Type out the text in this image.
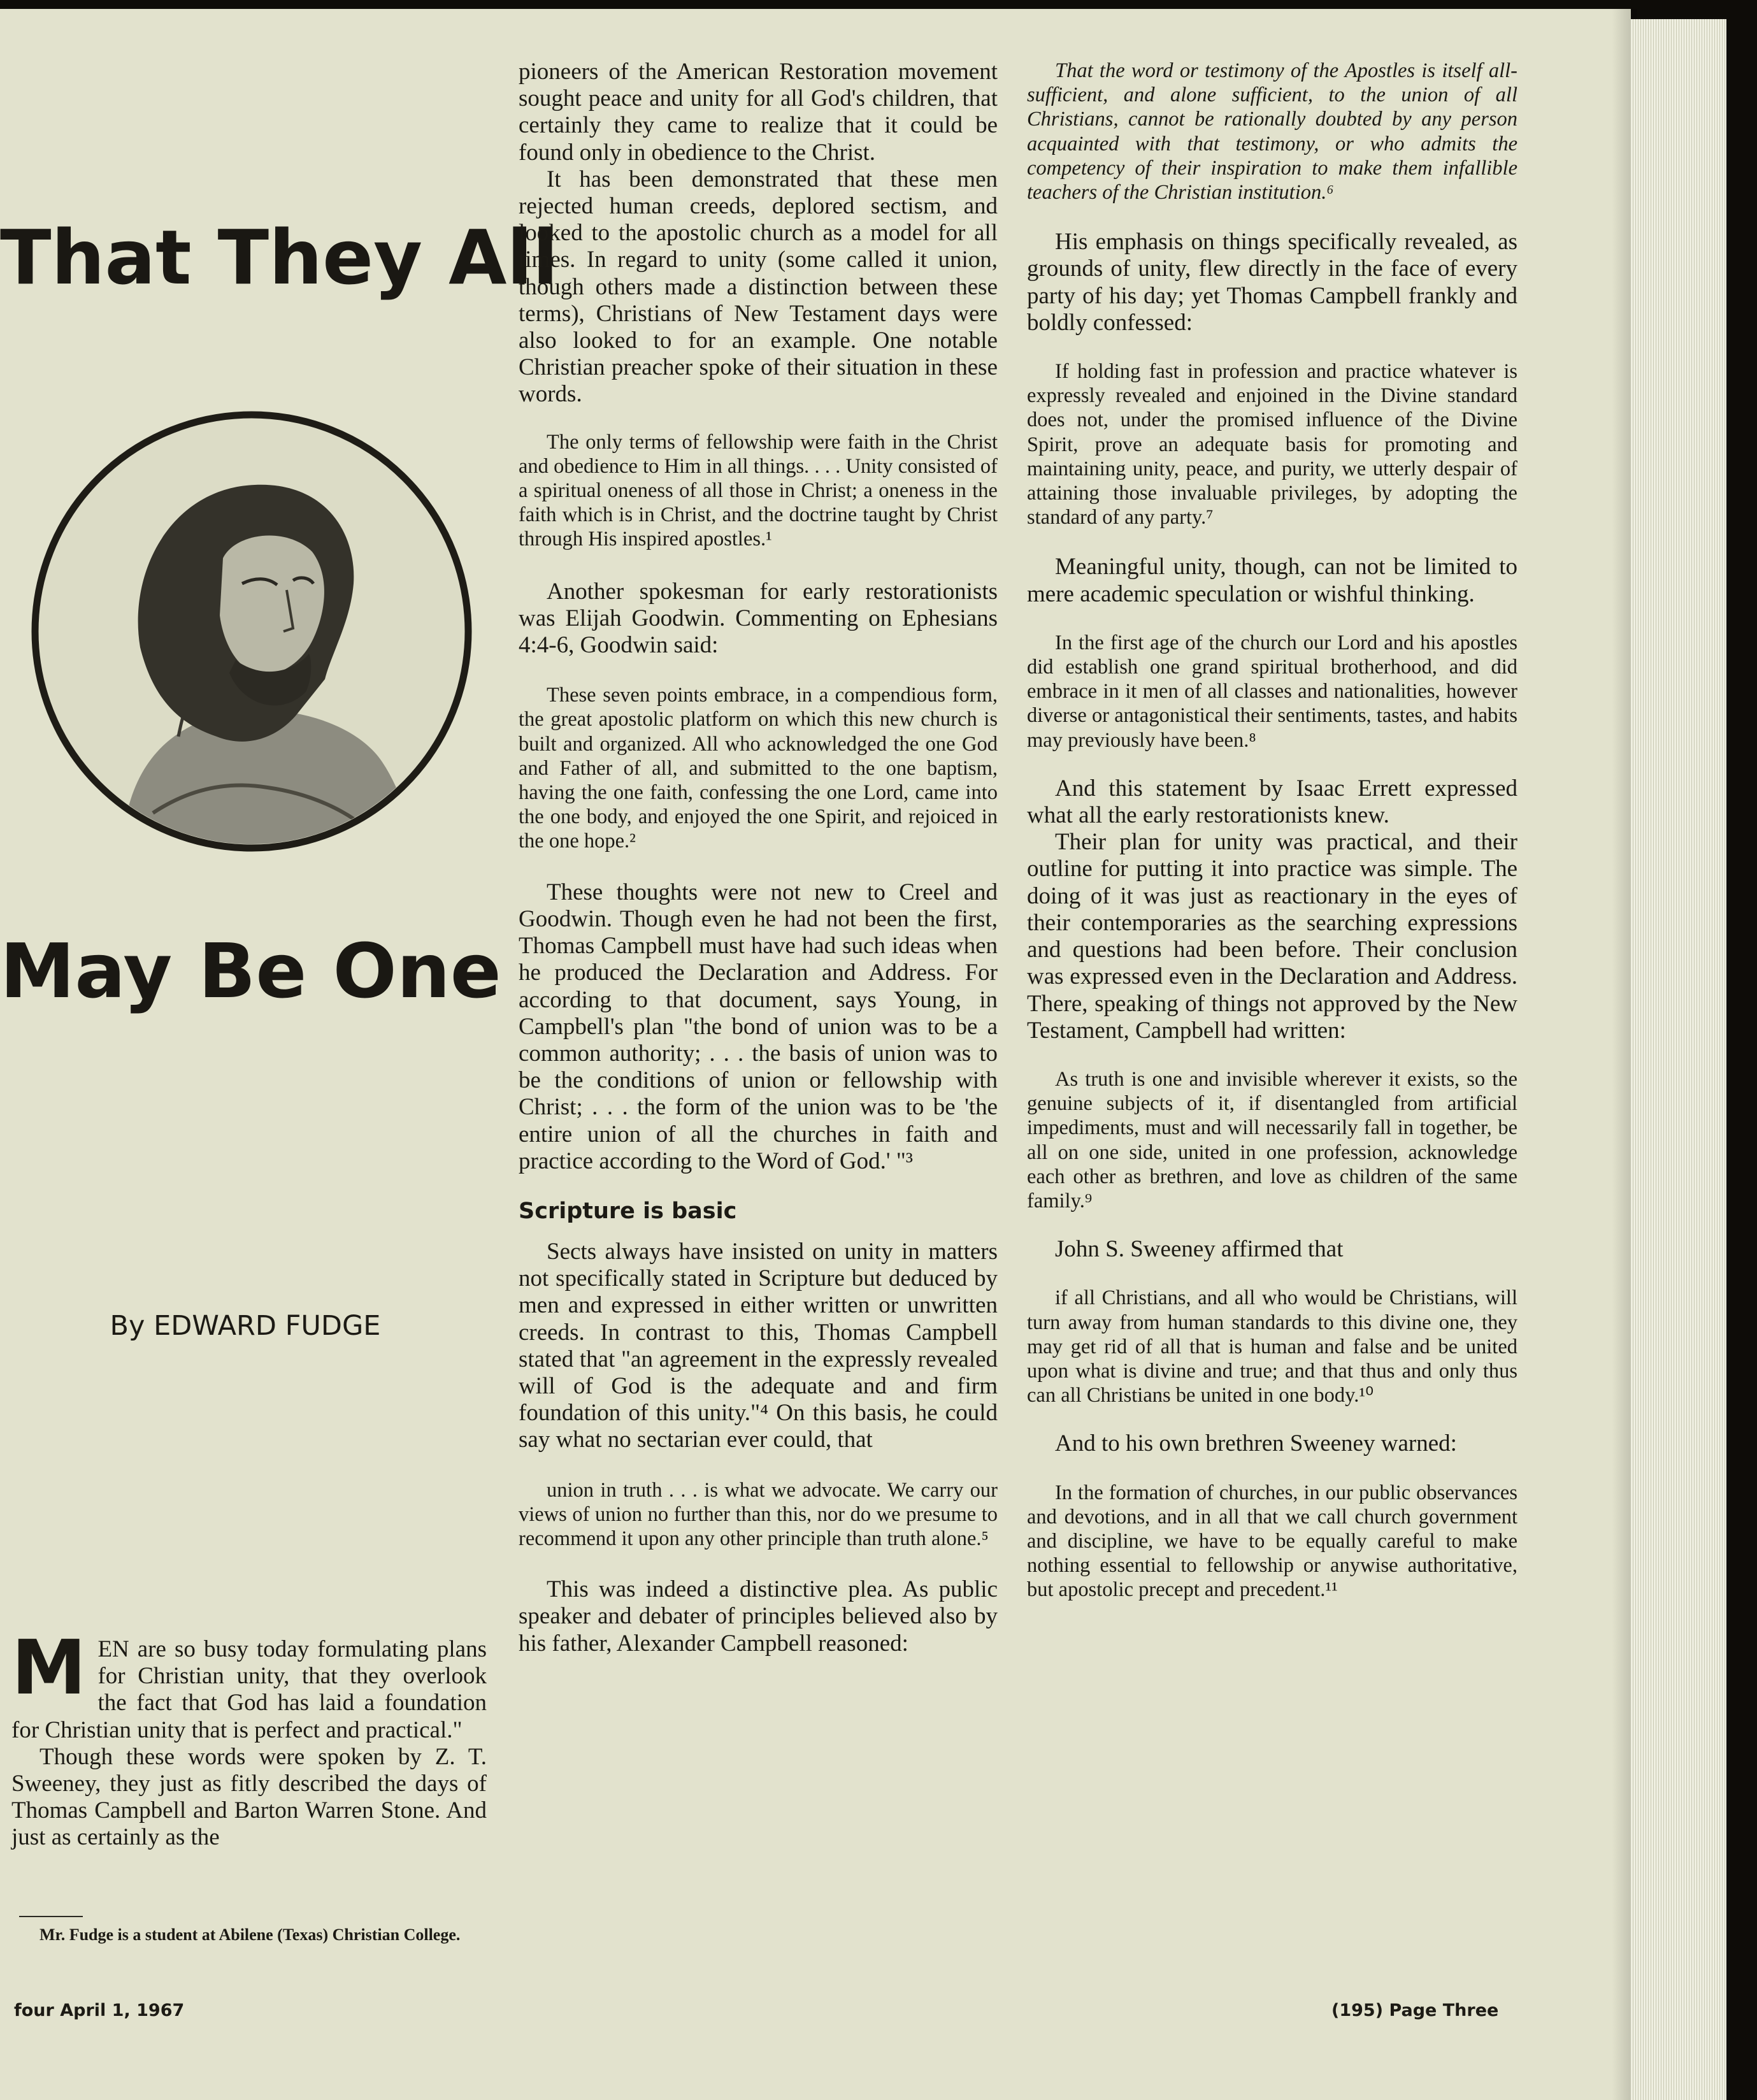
That They All
May Be One

By EDWARD FUDGE

MEN are so busy today formulating plans for Christian unity, that they overlook the fact that God has laid a foundation for Christian unity that is perfect and practical."

Though these words were spoken by Z. T. Sweeney, they just as fitly described the days of Thomas Campbell and Barton Warren Stone. And just as certainly as the

Mr. Fudge is a student at Abilene (Texas) Christian College.

pioneers of the American Restoration movement sought peace and unity for all God's children, that certainly they came to realize that it could be found only in obedience to the Christ.

It has been demonstrated that these men rejected human creeds, deplored sectism, and looked to the apostolic church as a model for all times. In regard to unity (some called it union, though others made a distinction between these terms), Christians of New Testament days were also looked to for an example. One notable Christian preacher spoke of their situation in these words.

The only terms of fellowship were faith in the Christ and obedience to Him in all things. . . . Unity consisted of a spiritual oneness of all those in Christ; a oneness in the faith which is in Christ, and the doctrine taught by Christ through His inspired apostles.¹

Another spokesman for early restorationists was Elijah Goodwin. Commenting on Ephesians 4:4-6, Goodwin said:

These seven points embrace, in a compendious form, the great apostolic platform on which this new church is built and organized. All who acknowledged the one God and Father of all, and submitted to the one baptism, having the one faith, confessing the one Lord, came into the one body, and enjoyed the one Spirit, and rejoiced in the one hope.²

These thoughts were not new to Creel and Goodwin. Though even he had not been the first, Thomas Campbell must have had such ideas when he produced the Declaration and Address. For according to that document, says Young, in Campbell's plan "the bond of union was to be a common authority; . . . the basis of union was to be the conditions of union or fellowship with Christ; . . . the form of the union was to be 'the entire union of all the churches in faith and practice according to the Word of God.' "³

Scripture is basic

Sects always have insisted on unity in matters not specifically stated in Scripture but deduced by men and expressed in either written or unwritten creeds. In contrast to this, Thomas Campbell stated that "an agreement in the expressly revealed will of God is the adequate and and firm foundation of this unity."⁴ On this basis, he could say what no sectarian ever could, that

union in truth . . . is what we advocate. We carry our views of union no further than this, nor do we presume to recommend it upon any other principle than truth alone.⁵

This was indeed a distinctive plea. As public speaker and debater of principles believed also by his father, Alexander Campbell reasoned:

That the word or testimony of the Apostles is itself all-sufficient, and alone sufficient, to the union of all Christians, cannot be rationally doubted by any person acquainted with that testimony, or who admits the competency of their inspiration to make them infallible teachers of the Christian institution.⁶

His emphasis on things specifically revealed, as grounds of unity, flew directly in the face of every party of his day; yet Thomas Campbell frankly and boldly confessed:

If holding fast in profession and practice whatever is expressly revealed and enjoined in the Divine standard does not, under the promised influence of the Divine Spirit, prove an adequate basis for promoting and maintaining unity, peace, and purity, we utterly despair of attaining those invaluable privileges, by adopting the standard of any party.⁷

Meaningful unity, though, can not be limited to mere academic speculation or wishful thinking.

In the first age of the church our Lord and his apostles did establish one grand spiritual brotherhood, and did embrace in it men of all classes and nationalities, however diverse or antagonistical their sentiments, tastes, and habits may previously have been.⁸

And this statement by Isaac Errett expressed what all the early restorationists knew.

Their plan for unity was practical, and their outline for putting it into practice was simple. The doing of it was just as reactionary in the eyes of their contemporaries as the searching expressions and questions had been before. Their conclusion was expressed even in the Declaration and Address. There, speaking of things not approved by the New Testament, Campbell had written:

As truth is one and invisible wherever it exists, so the genuine subjects of it, if disentangled from artificial impediments, must and will necessarily fall in together, be all on one side, united in one profession, acknowledge each other as brethren, and love as children of the same family.⁹

John S. Sweeney affirmed that

if all Christians, and all who would be Christians, will turn away from human standards to this divine one, they may get rid of all that is human and false and be united upon what is divine and true; and that thus and only thus can all Christians be united in one body.¹⁰

And to his own brethren Sweeney warned:

In the formation of churches, in our public observances and devotions, and in all that we call church government and discipline, we have to be equally careful to make nothing essential to fellowship or anywise authoritative, but apostolic precept and precedent.¹¹

four April 1, 1967	(195) Page Three
